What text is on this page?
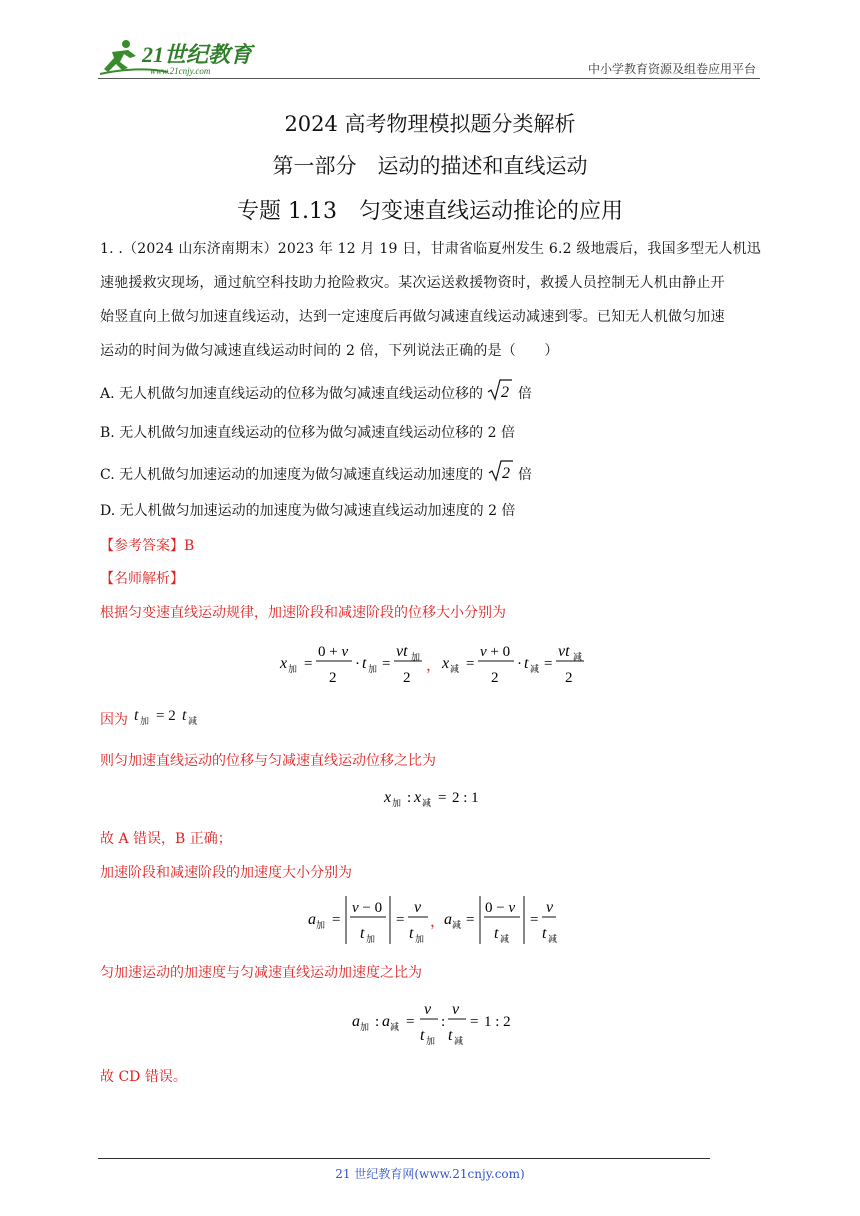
21世纪教育
www.21cnjy.com	中小学教育资源及组卷应用平台
2024 高考物理模拟题分类解析
第一部分　运动的描述和直线运动
专题 1.13　匀变速直线运动推论的应用
1. .（2024 山东济南期末）2023 年 12 月 19 日，甘肃省临夏州发生 6.2 级地震后，我国多型无人机迅
速驰援救灾现场，通过航空科技助力抢险救灾。某次运送救援物资时，救援人员控制无人机由静止开
始竖直向上做匀加速直线运动，达到一定速度后再做匀减速直线运动减速到零。已知无人机做匀加速
运动的时间为做匀减速直线运动时间的 2 倍，下列说法正确的是（　　）
A. 无人机做匀加速直线运动的位移为做匀减速直线运动位移的 2 倍
B. 无人机做匀加速直线运动的位移为做匀减速直线运动位移的 2 倍
C. 无人机做匀加速运动的加速度为做匀减速直线运动加速度的 2 倍
D. 无人机做匀加速运动的加速度为做匀减速直线运动加速度的 2 倍
【参考答案】B
【名师解析】
根据匀变速直线运动规律，加速阶段和减速阶段的位移大小分别为
x 加 =
0 + v
2
· t 加 =
vt 加
2
， x 减 =
v + 0
2
· t 减 =
vt 减
2
因为 t 加 = 2 t 减
则匀加速直线运动的位移与匀减速直线运动位移之比为
x 加 : x 减 = 2 : 1
故 A 错误，B 正确；
加速阶段和减速阶段的加速度大小分别为
a 加 =
v − 0
t 加
=
v
t 加
，
a 减 =
0 − v
t 减
=
v
t 减
匀加速运动的加速度与匀减速直线运动加速度之比为
a 加 : a 减 =
v
t 加
:
v
t 减
= 1 : 2
故 CD 错误。
21 世纪教育网(www.21cnjy.com)
